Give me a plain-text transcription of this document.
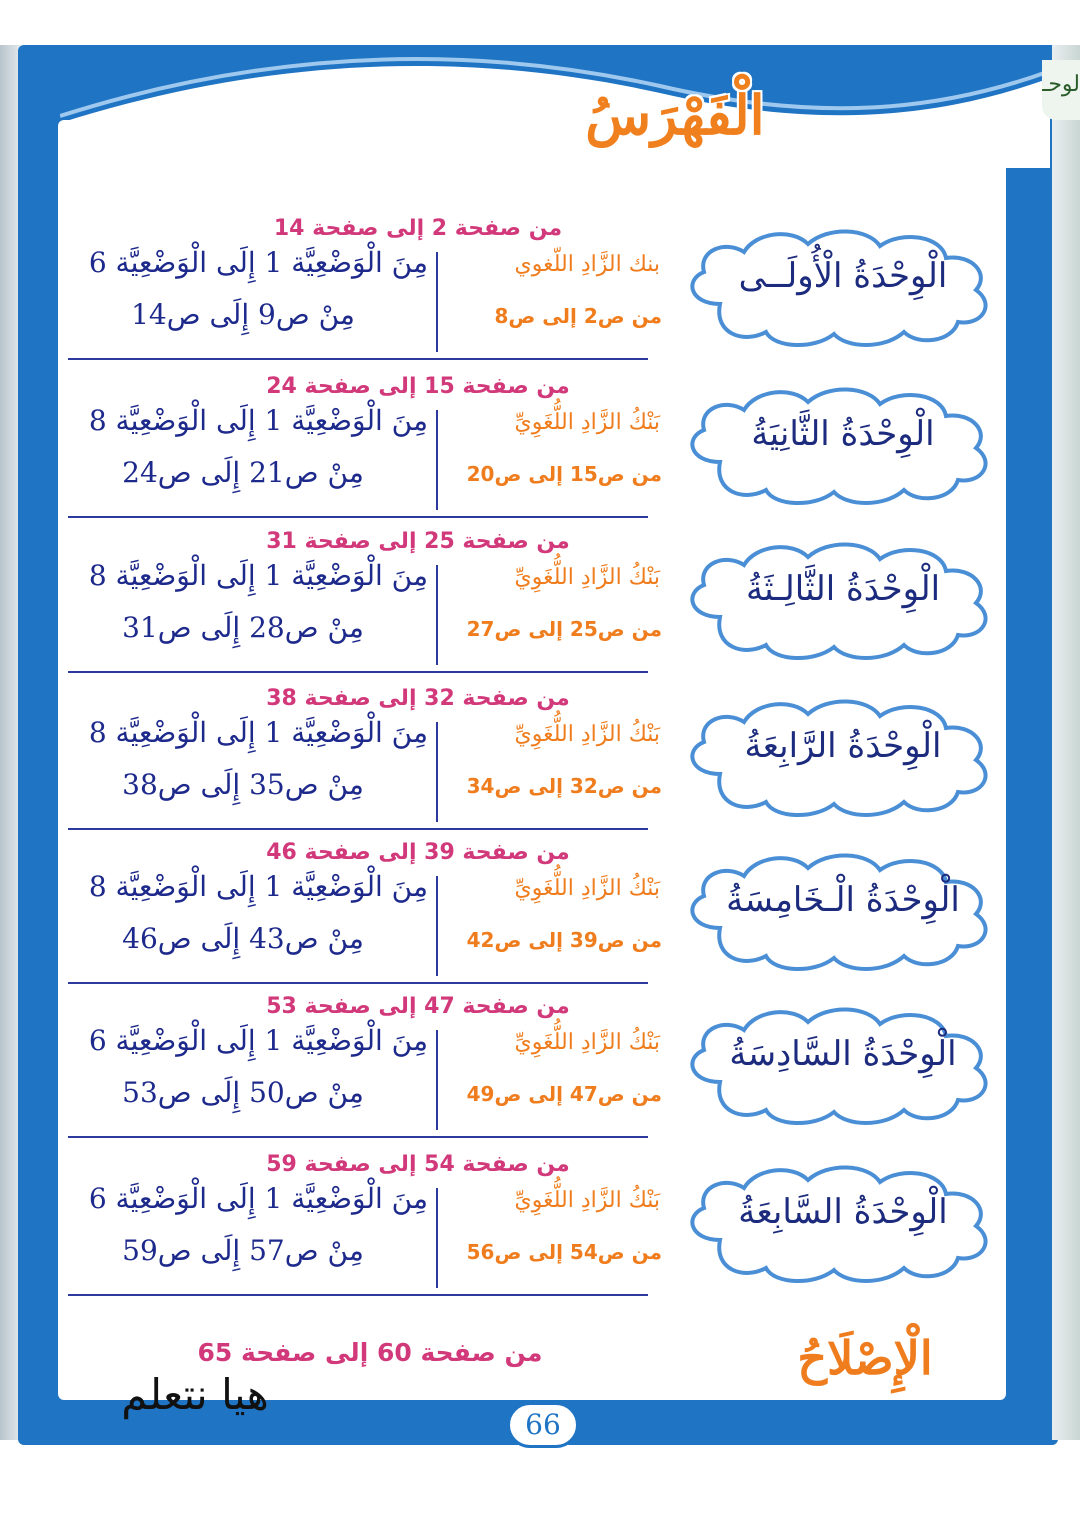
لوحـ
الْفَهْرَسُ
من صفحة 2 إلى صفحة 14
مِنَ الْوَضْعِيَّة 1 إِلَى الْوَضْعِيَّة 6
مِنْ ص9 إِلَى ص14
بنك الزَّادِ اللّغوي
من ص2 إلى ص8
الْوِحْدَةُ الْأُولَــى
من صفحة 15 إلى صفحة 24
مِنَ الْوَضْعِيَّة 1 إِلَى الْوَضْعِيَّة 8
مِنْ ص21 إِلَى ص24
بَنْكُ الزَّادِ اللُّغَوِيِّ
من ص15 إلى ص20
الْوِحْدَةُ الثَّانِيَةُ
من صفحة 25 إلى صفحة 31
مِنَ الْوَضْعِيَّة 1 إِلَى الْوَضْعِيَّة 8
مِنْ ص28 إِلَى ص31
بَنْكُ الزَّادِ اللُّغَوِيِّ
من ص25 إلى ص27
الْوِحْدَةُ الثَّالِـثَةُ
من صفحة 32 إلى صفحة 38
مِنَ الْوَضْعِيَّة 1 إِلَى الْوَضْعِيَّة 8
مِنْ ص35 إِلَى ص38
بَنْكُ الزَّادِ اللُّغَوِيِّ
من ص32 إلى ص34
الْوِحْدَةُ الرَّابِعَةُ
من صفحة 39 إلى صفحة 46
مِنَ الْوَضْعِيَّة 1 إِلَى الْوَضْعِيَّة 8
مِنْ ص43 إِلَى ص46
بَنْكُ الزَّادِ اللُّغَوِيِّ
من ص39 إلى ص42
الْوِحْدَةُ الْـخَامِسَةُ
من صفحة 47 إلى صفحة 53
مِنَ الْوَضْعِيَّة 1 إِلَى الْوَضْعِيَّة 6
مِنْ ص50 إِلَى ص53
بَنْكُ الزَّادِ اللُّغَوِيِّ
من ص47 إلى ص49
الْوِحْدَةُ السَّادِسَةُ
من صفحة 54 إلى صفحة 59
مِنَ الْوَضْعِيَّة 1 إِلَى الْوَضْعِيَّة 6
مِنْ ص57 إِلَى ص59
بَنْكُ الزَّادِ اللُّغَوِيِّ
من ص54 إلى ص56
الْوِحْدَةُ السَّابِعَةُ
الْإِصْلَاحُ
من صفحة 60 إلى صفحة 65
هيا نتعلم
66
